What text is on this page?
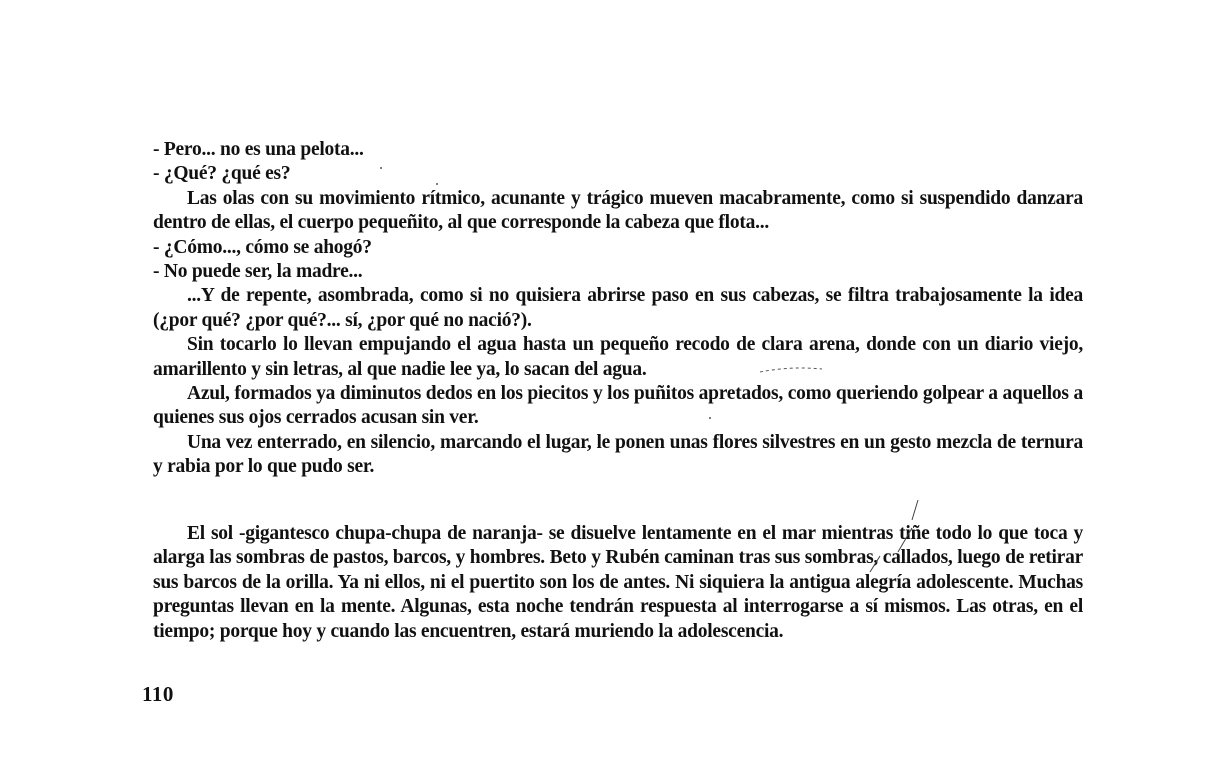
- Pero... no es una pelota...

- ¿Qué? ¿qué es?

Las olas con su movimiento rítmico, acunante y trágico mueven macabramente, como si suspendido danzara dentro de ellas, el cuerpo pequeñito, al que corresponde la cabeza que flota...

- ¿Cómo..., cómo se ahogó?

- No puede ser, la madre...

...Y de repente, asombrada, como si no quisiera abrirse paso en sus cabezas, se filtra trabajosamente la idea (¿por qué? ¿por qué?... sí, ¿por qué no nació?).

Sin tocarlo lo llevan empujando el agua hasta un pequeño recodo de clara arena, donde con un diario viejo, amarillento y sin letras, al que nadie lee ya, lo sacan del agua.

Azul, formados ya diminutos dedos en los piecitos y los puñitos apretados, como queriendo golpear a aquellos a quienes sus ojos cerrados acusan sin ver.

Una vez enterrado, en silencio, marcando el lugar, le ponen unas flores silvestres en un gesto mezcla de ternura y rabia por lo que pudo ser.

El sol -gigantesco chupa-chupa de naranja- se disuelve lentamente en el mar mientras tiñe todo lo que toca y alarga las sombras de pastos, barcos, y hombres. Beto y Rubén caminan tras sus sombras, callados, luego de retirar sus barcos de la orilla. Ya ni ellos, ni el puertito son los de antes. Ni siquiera la antigua alegría adolescente. Muchas preguntas llevan en la mente. Algunas, esta noche tendrán respuesta al interrogarse a sí mismos. Las otras, en el tiempo; porque hoy y cuando las encuentren, estará muriendo la adolescencia.

110
